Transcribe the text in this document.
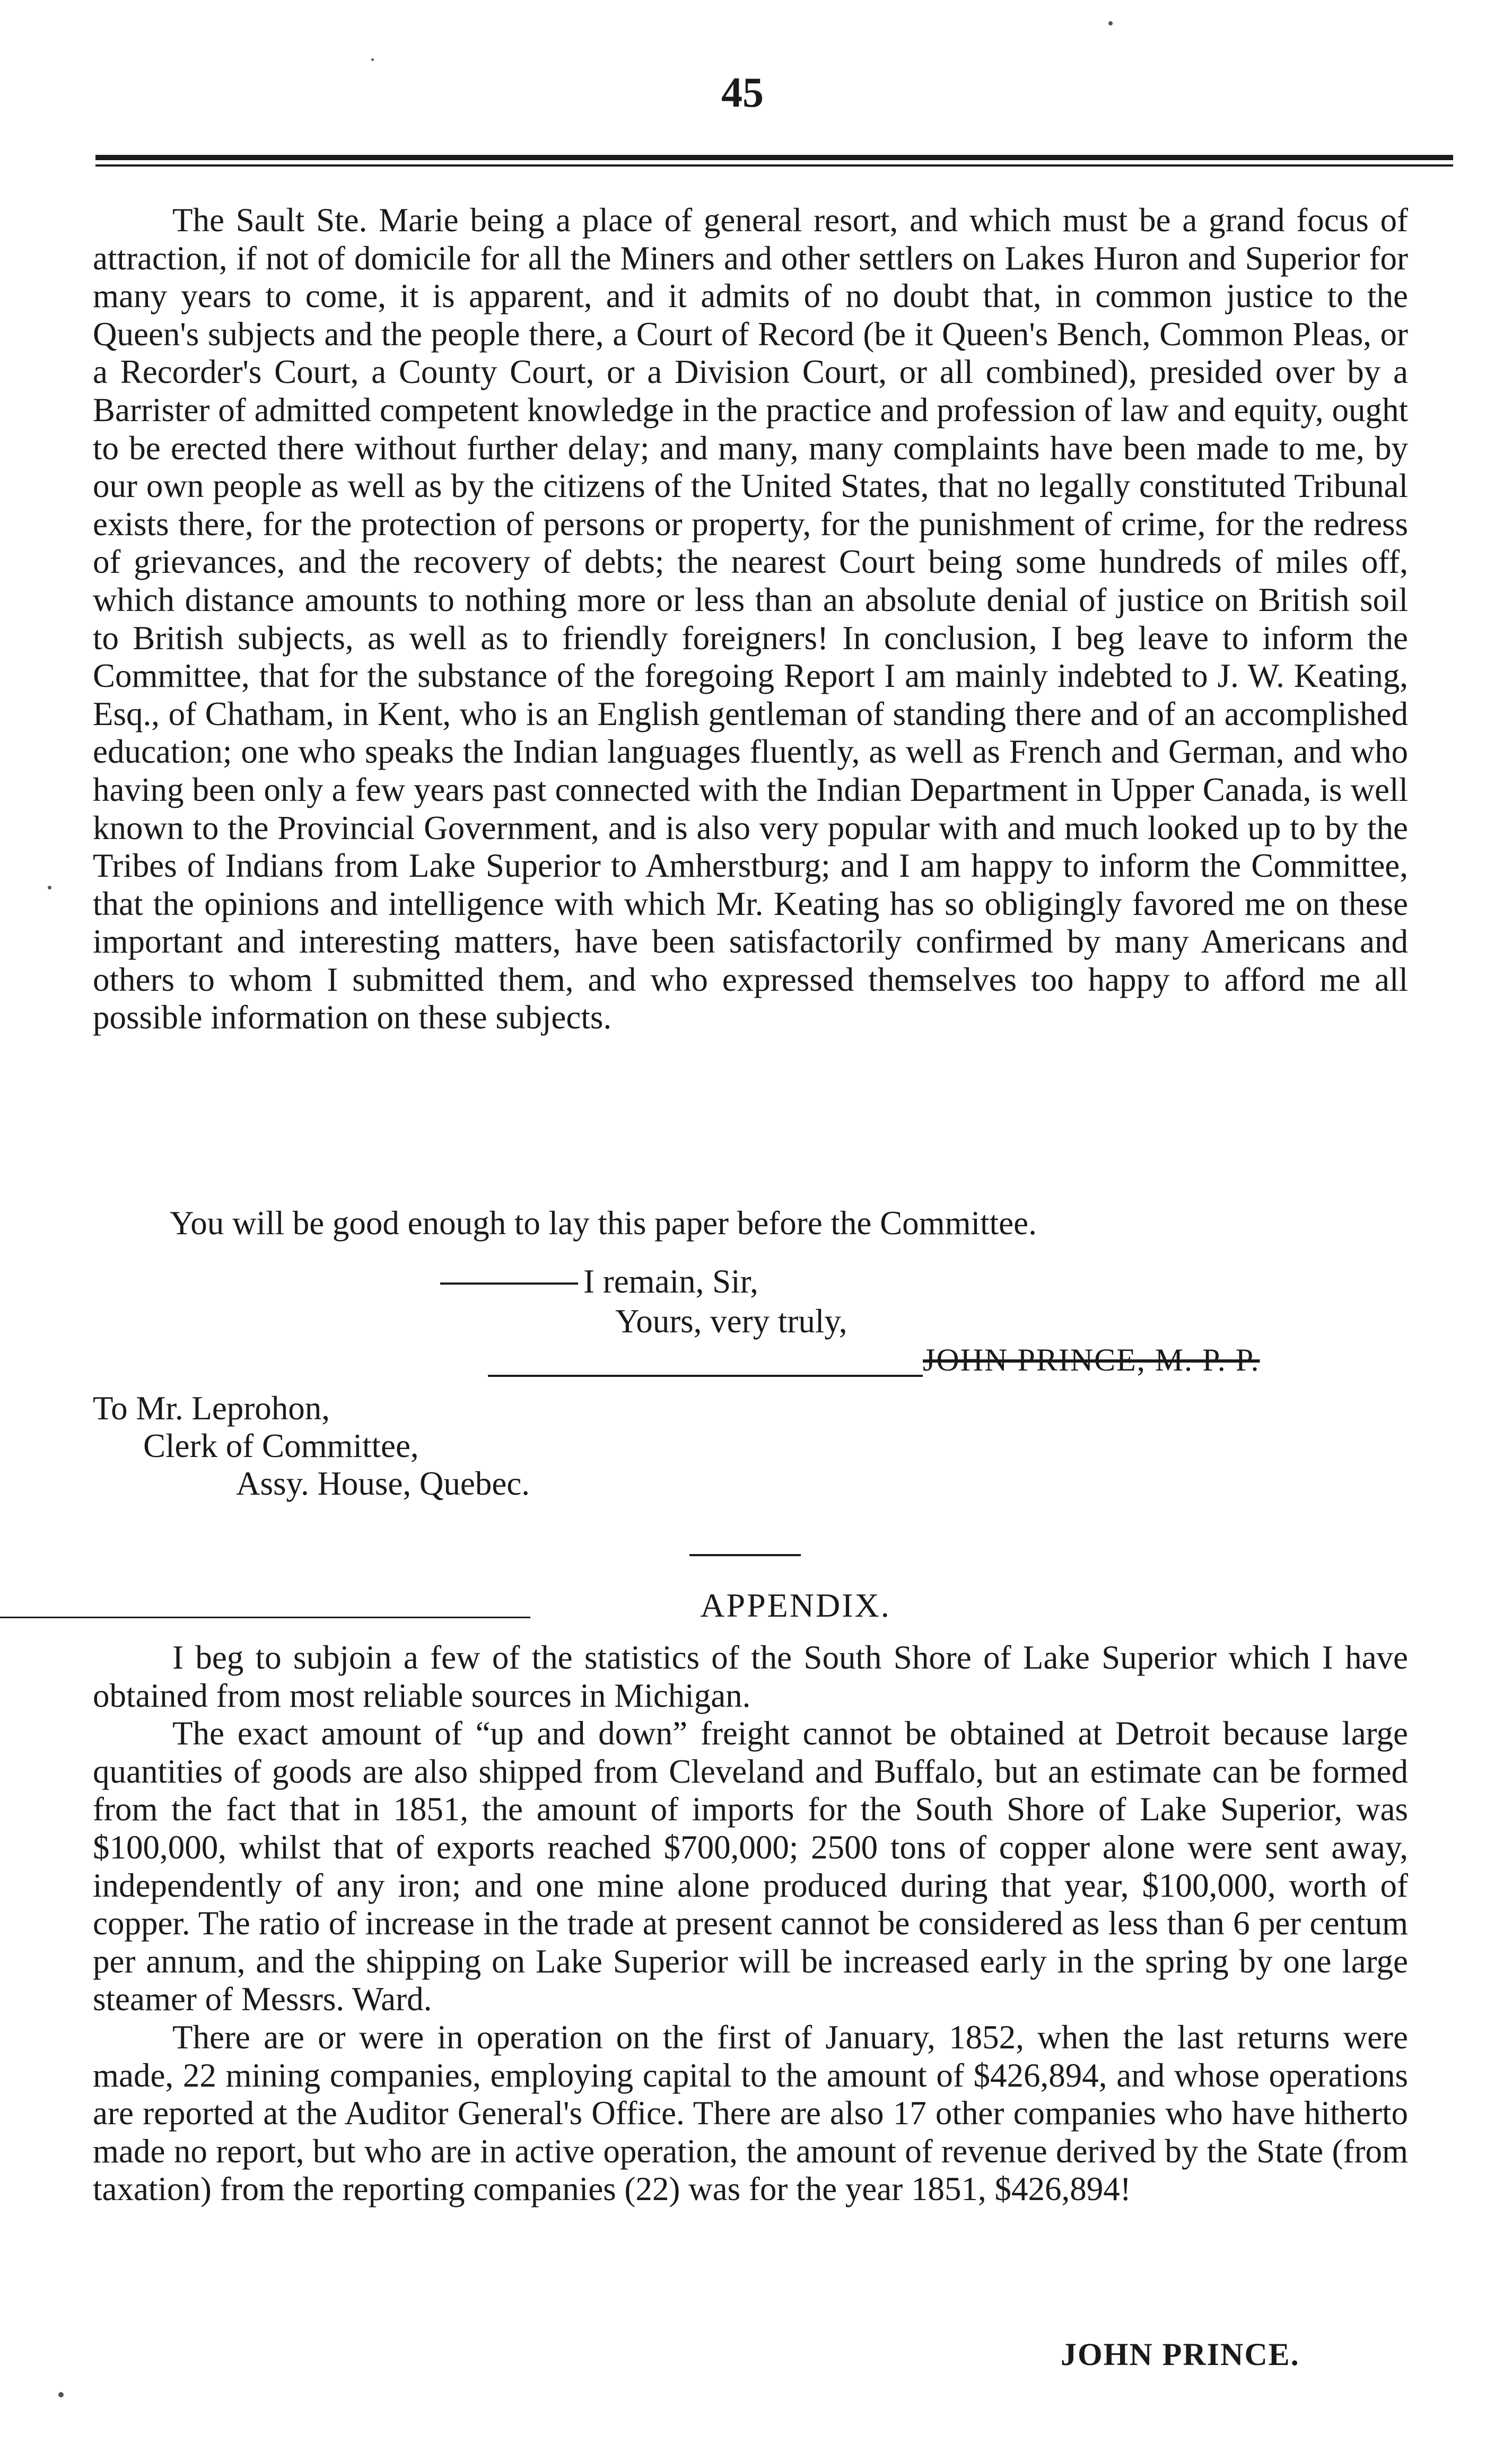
45

The Sault Ste. Marie being a place of general resort, and which must be a grand focus of attraction, if not of domicile for all the Miners and other settlers on Lakes Huron and Superior for many years to come, it is apparent, and it admits of no doubt that, in common justice to the Queen's subjects and the people there, a Court of Record (be it Queen's Bench, Common Pleas, or a Recorder's Court, a County Court, or a Division Court, or all combined), presided over by a Barrister of admitted competent knowledge in the practice and profession of law and equity, ought to be erected there without further delay; and many, many complaints have been made to me, by our own people as well as by the citizens of the United States, that no legally constituted Tribunal exists there, for the protection of persons or property, for the punishment of crime, for the redress of grievances, and the recovery of debts; the nearest Court being some hundreds of miles off, which distance amounts to nothing more or less than an absolute denial of justice on British soil to British subjects, as well as to friendly foreigners! In conclusion, I beg leave to inform the Committee, that for the substance of the foregoing Report I am mainly indebted to J. W. Keating, Esq., of Chatham, in Kent, who is an English gentleman of standing there and of an accomplished education; one who speaks the Indian languages fluently, as well as French and German, and who having been only a few years past connected with the Indian Department in Upper Canada, is well known to the Provincial Government, and is also very popular with and much looked up to by the Tribes of Indians from Lake Superior to Amherstburg; and I am happy to inform the Committee, that the opinions and intelligence with which Mr. Keating has so obligingly favored me on these important and interesting matters, have been satisfactorily confirmed by many Americans and others to whom I submitted them, and who expressed themselves too happy to afford me all possible information on these subjects.

You will be good enough to lay this paper before the Committee.
I remain, Sir,
Yours, very truly,
JOHN PRINCE, M. P. P.
To Mr. Leprohon,
Clerk of Committee,
Assy. House, Quebec.
APPENDIX.

I beg to subjoin a few of the statistics of the South Shore of Lake Superior which I have obtained from most reliable sources in Michigan.

The exact amount of “up and down” freight cannot be obtained at Detroit because large quantities of goods are also shipped from Cleveland and Buffalo, but an estimate can be formed from the fact that in 1851, the amount of imports for the South Shore of Lake Superior, was $100,000, whilst that of exports reached $700,000; 2500 tons of copper alone were sent away, independently of any iron; and one mine alone produced during that year, $100,000, worth of copper. The ratio of increase in the trade at present cannot be considered as less than 6 per centum per annum, and the shipping on Lake Superior will be increased early in the spring by one large steamer of Messrs. Ward.

There are or were in operation on the first of January, 1852, when the last returns were made, 22 mining companies, employing capital to the amount of $426,894, and whose operations are reported at the Auditor General's Office. There are also 17 other companies who have hitherto made no report, but who are in active operation, the amount of revenue derived by the State (from taxation) from the reporting companies (22) was for the year 1851, $426,894!

JOHN PRINCE.
